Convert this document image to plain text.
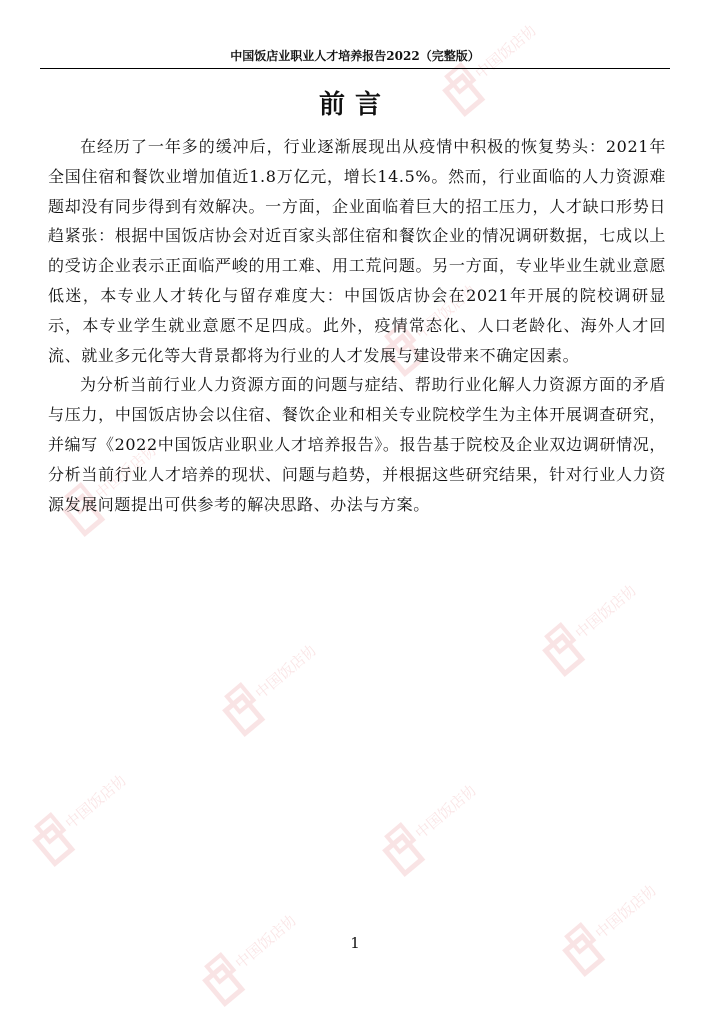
中国饭店协会
中国饭店协会
中国饭店协会
中国饭店协会
中国饭店协会
中国饭店协会	中国饭店协会
中国饭店协会
中国饭店协会
中国饭店业职业人才培养报告2022（完整版）
前言

在经历了一年多的缓冲后，行业逐渐展现出从疫情中积极的恢复势头：2021年全国住宿和餐饮业增加值近1.8万亿元，增长14.5%。然而，行业面临的人力资源难题却没有同步得到有效解决。一方面，企业面临着巨大的招工压力，人才缺口形势日趋紧张：根据中国饭店协会对近百家头部住宿和餐饮企业的情况调研数据，七成以上的受访企业表示正面临严峻的用工难、用工荒问题。另一方面，专业毕业生就业意愿低迷，本专业人才转化与留存难度大：中国饭店协会在2021年开展的院校调研显示，本专业学生就业意愿不足四成。此外，疫情常态化、人口老龄化、海外人才回流、就业多元化等大背景都将为行业的人才发展与建设带来不确定因素。

为分析当前行业人力资源方面的问题与症结、帮助行业化解人力资源方面的矛盾与压力，中国饭店协会以住宿、餐饮企业和相关专业院校学生为主体开展调查研究，并编写《2022中国饭店业职业人才培养报告》。报告基于院校及企业双边调研情况，分析当前行业人才培养的现状、问题与趋势，并根据这些研究结果，针对行业人力资源发展问题提出可供参考的解决思路、办法与方案。

1
